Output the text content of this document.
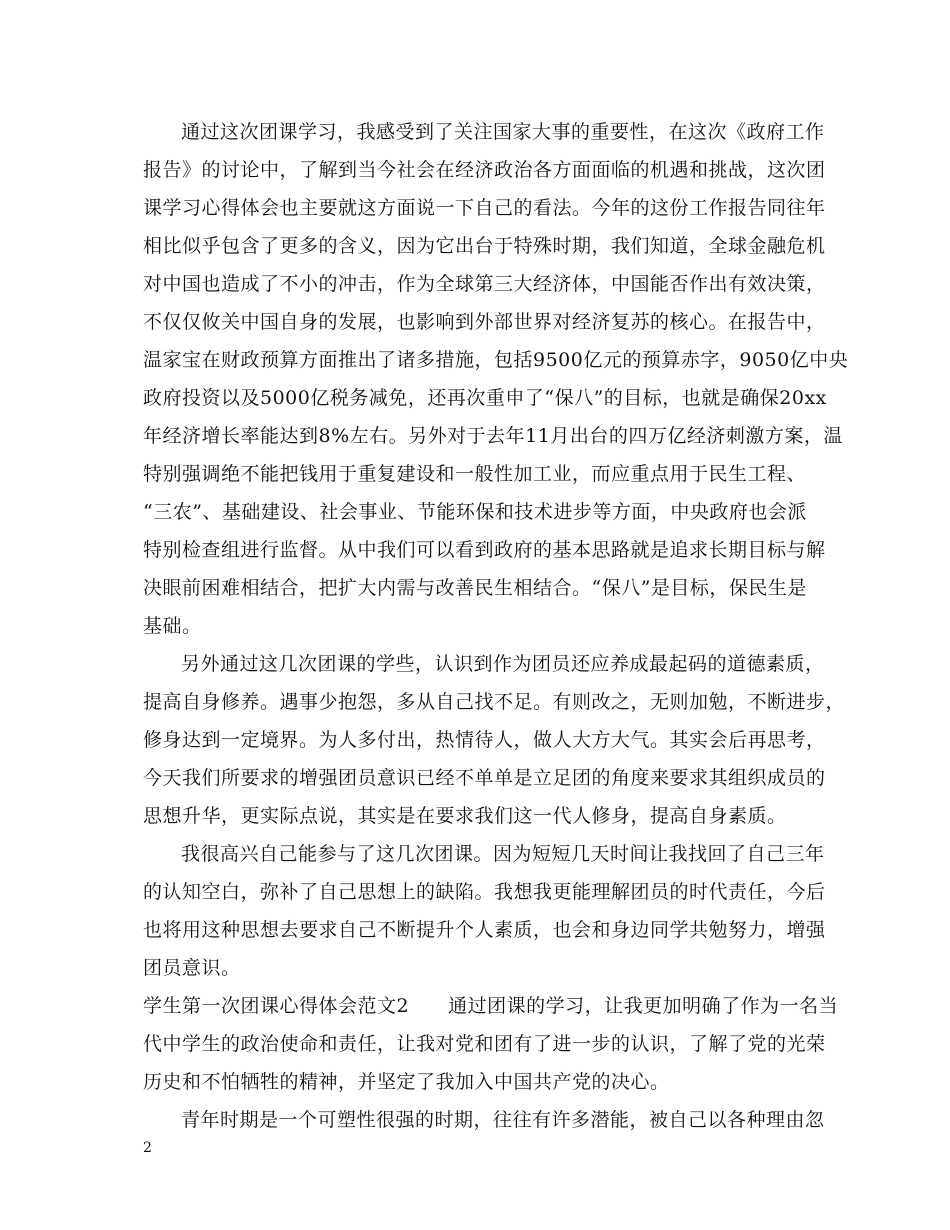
通过这次团课学习，我感受到了关注国家大事的重要性，在这次《政府工作
报告》的讨论中，了解到当今社会在经济政治各方面面临的机遇和挑战，这次团
课学习心得体会也主要就这方面说一下自己的看法。今年的这份工作报告同往年
相比似乎包含了更多的含义，因为它出台于特殊时期，我们知道，全球金融危机
对中国也造成了不小的冲击，作为全球第三大经济体，中国能否作出有效决策，
不仅仅攸关中国自身的发展，也影响到外部世界对经济复苏的核心。在报告中，
温家宝在财政预算方面推出了诸多措施，包括9500亿元的预算赤字，9050亿中央
政府投资以及5000亿税务减免，还再次重申了“保八”的目标，也就是确保20xx
年经济增长率能达到8%左右。另外对于去年11月出台的四万亿经济刺激方案，温
特别强调绝不能把钱用于重复建设和一般性加工业，而应重点用于民生工程、
“三农”、基础建设、社会事业、节能环保和技术进步等方面，中央政府也会派
特别检查组进行监督。从中我们可以看到政府的基本思路就是追求长期目标与解
决眼前困难相结合，把扩大内需与改善民生相结合。“保八”是目标，保民生是
基础。
另外通过这几次团课的学些，认识到作为团员还应养成最起码的道德素质，
提高自身修养。遇事少抱怨，多从自己找不足。有则改之，无则加勉，不断进步，
修身达到一定境界。为人多付出，热情待人，做人大方大气。其实会后再思考，
今天我们所要求的增强团员意识已经不单单是立足团的角度来要求其组织成员的
思想升华，更实际点说，其实是在要求我们这一代人修身，提高自身素质。
我很高兴自己能参与了这几次团课。因为短短几天时间让我找回了自己三年
的认知空白，弥补了自己思想上的缺陷。我想我更能理解团员的时代责任，今后
也将用这种思想去要求自己不断提升个人素质，也会和身边同学共勉努力，增强
团员意识。
学生第一次团课心得体会范文2　　通过团课的学习，让我更加明确了作为一名当
代中学生的政治使命和责任，让我对党和团有了进一步的认识，了解了党的光荣
历史和不怕牺牲的精神，并坚定了我加入中国共产党的决心。
青年时期是一个可塑性很强的时期，往往有许多潜能，被自己以各种理由忽
2
